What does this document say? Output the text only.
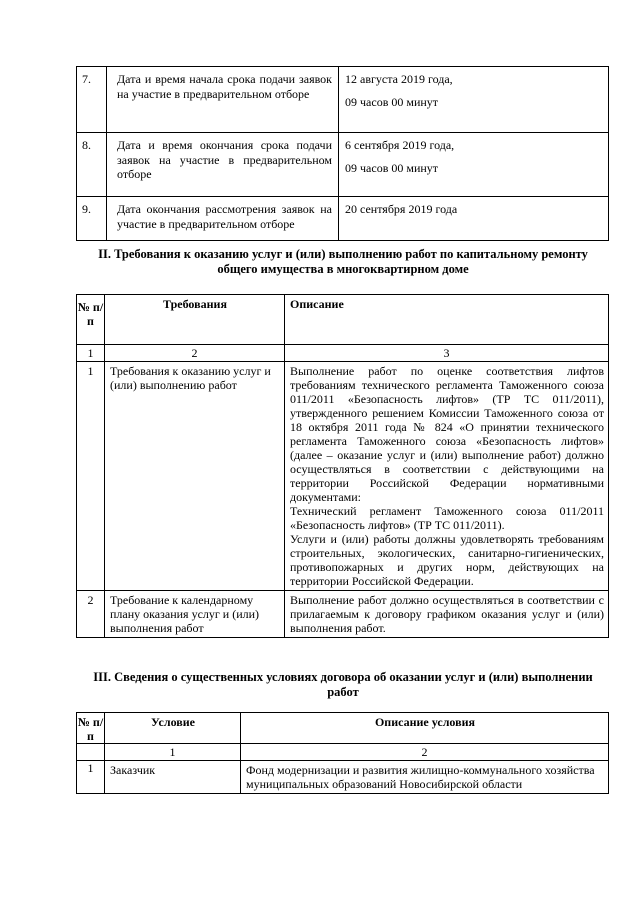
7.	Дата и время начала срока подачи заявок на участие в предварительном отборе	12 августа 2019 года,

09 часов 00 минут

8.	Дата и время окончания срока подачи заявок на участие в предварительном отборе	6 сентября 2019 года,

09 часов 00 минут

9.	Дата окончания рассмотрения заявок на участие в предварительном отборе	20 сентября 2019 года

II. Требования к оказанию услуг и (или) выполнению работ по капитальному ремонту общего имущества в многоквартирном доме
№ п/п	Требования	Описание
1	2	3
1	Требования к оказанию услуг и (или) выполнению работ	Выполнение работ по оценке соответствия лифтов требованиям технического регламента Таможенного союза 011/2011 «Безопасность лифтов» (ТР ТС 011/2011), утвержденного решением Комиссии Таможенного союза от 18 октября 2011 года № 824 «О принятии технического регламента Таможенного союза «Безопасность лифтов» (далее – оказание услуг и (или) выполнение работ) должно осуществляться в соответствии с действующими на территории Российской Федерации нормативными документами:

Технический регламент Таможенного союза 011/2011 «Безопасность лифтов» (ТР ТС 011/2011).

Услуги и (или) работы должны удовлетворять требованиям строительных, экологических, санитарно-гигиенических, противопожарных и других норм, действующих на территории Российской Федерации.

2	Требование к календарному плану оказания услуг и (или) выполнения работ	Выполнение работ должно осуществляться в соответствии с прилагаемым к договору графиком оказания услуг и (или) выполнения работ.
III. Сведения о существенных условиях договора об оказании услуг и (или) выполнении работ
№ п/п	Условие	Описание условия
	1	2
1	Заказчик	Фонд модернизации и развития жилищно-коммунального хозяйства муниципальных образований Новосибирской области
